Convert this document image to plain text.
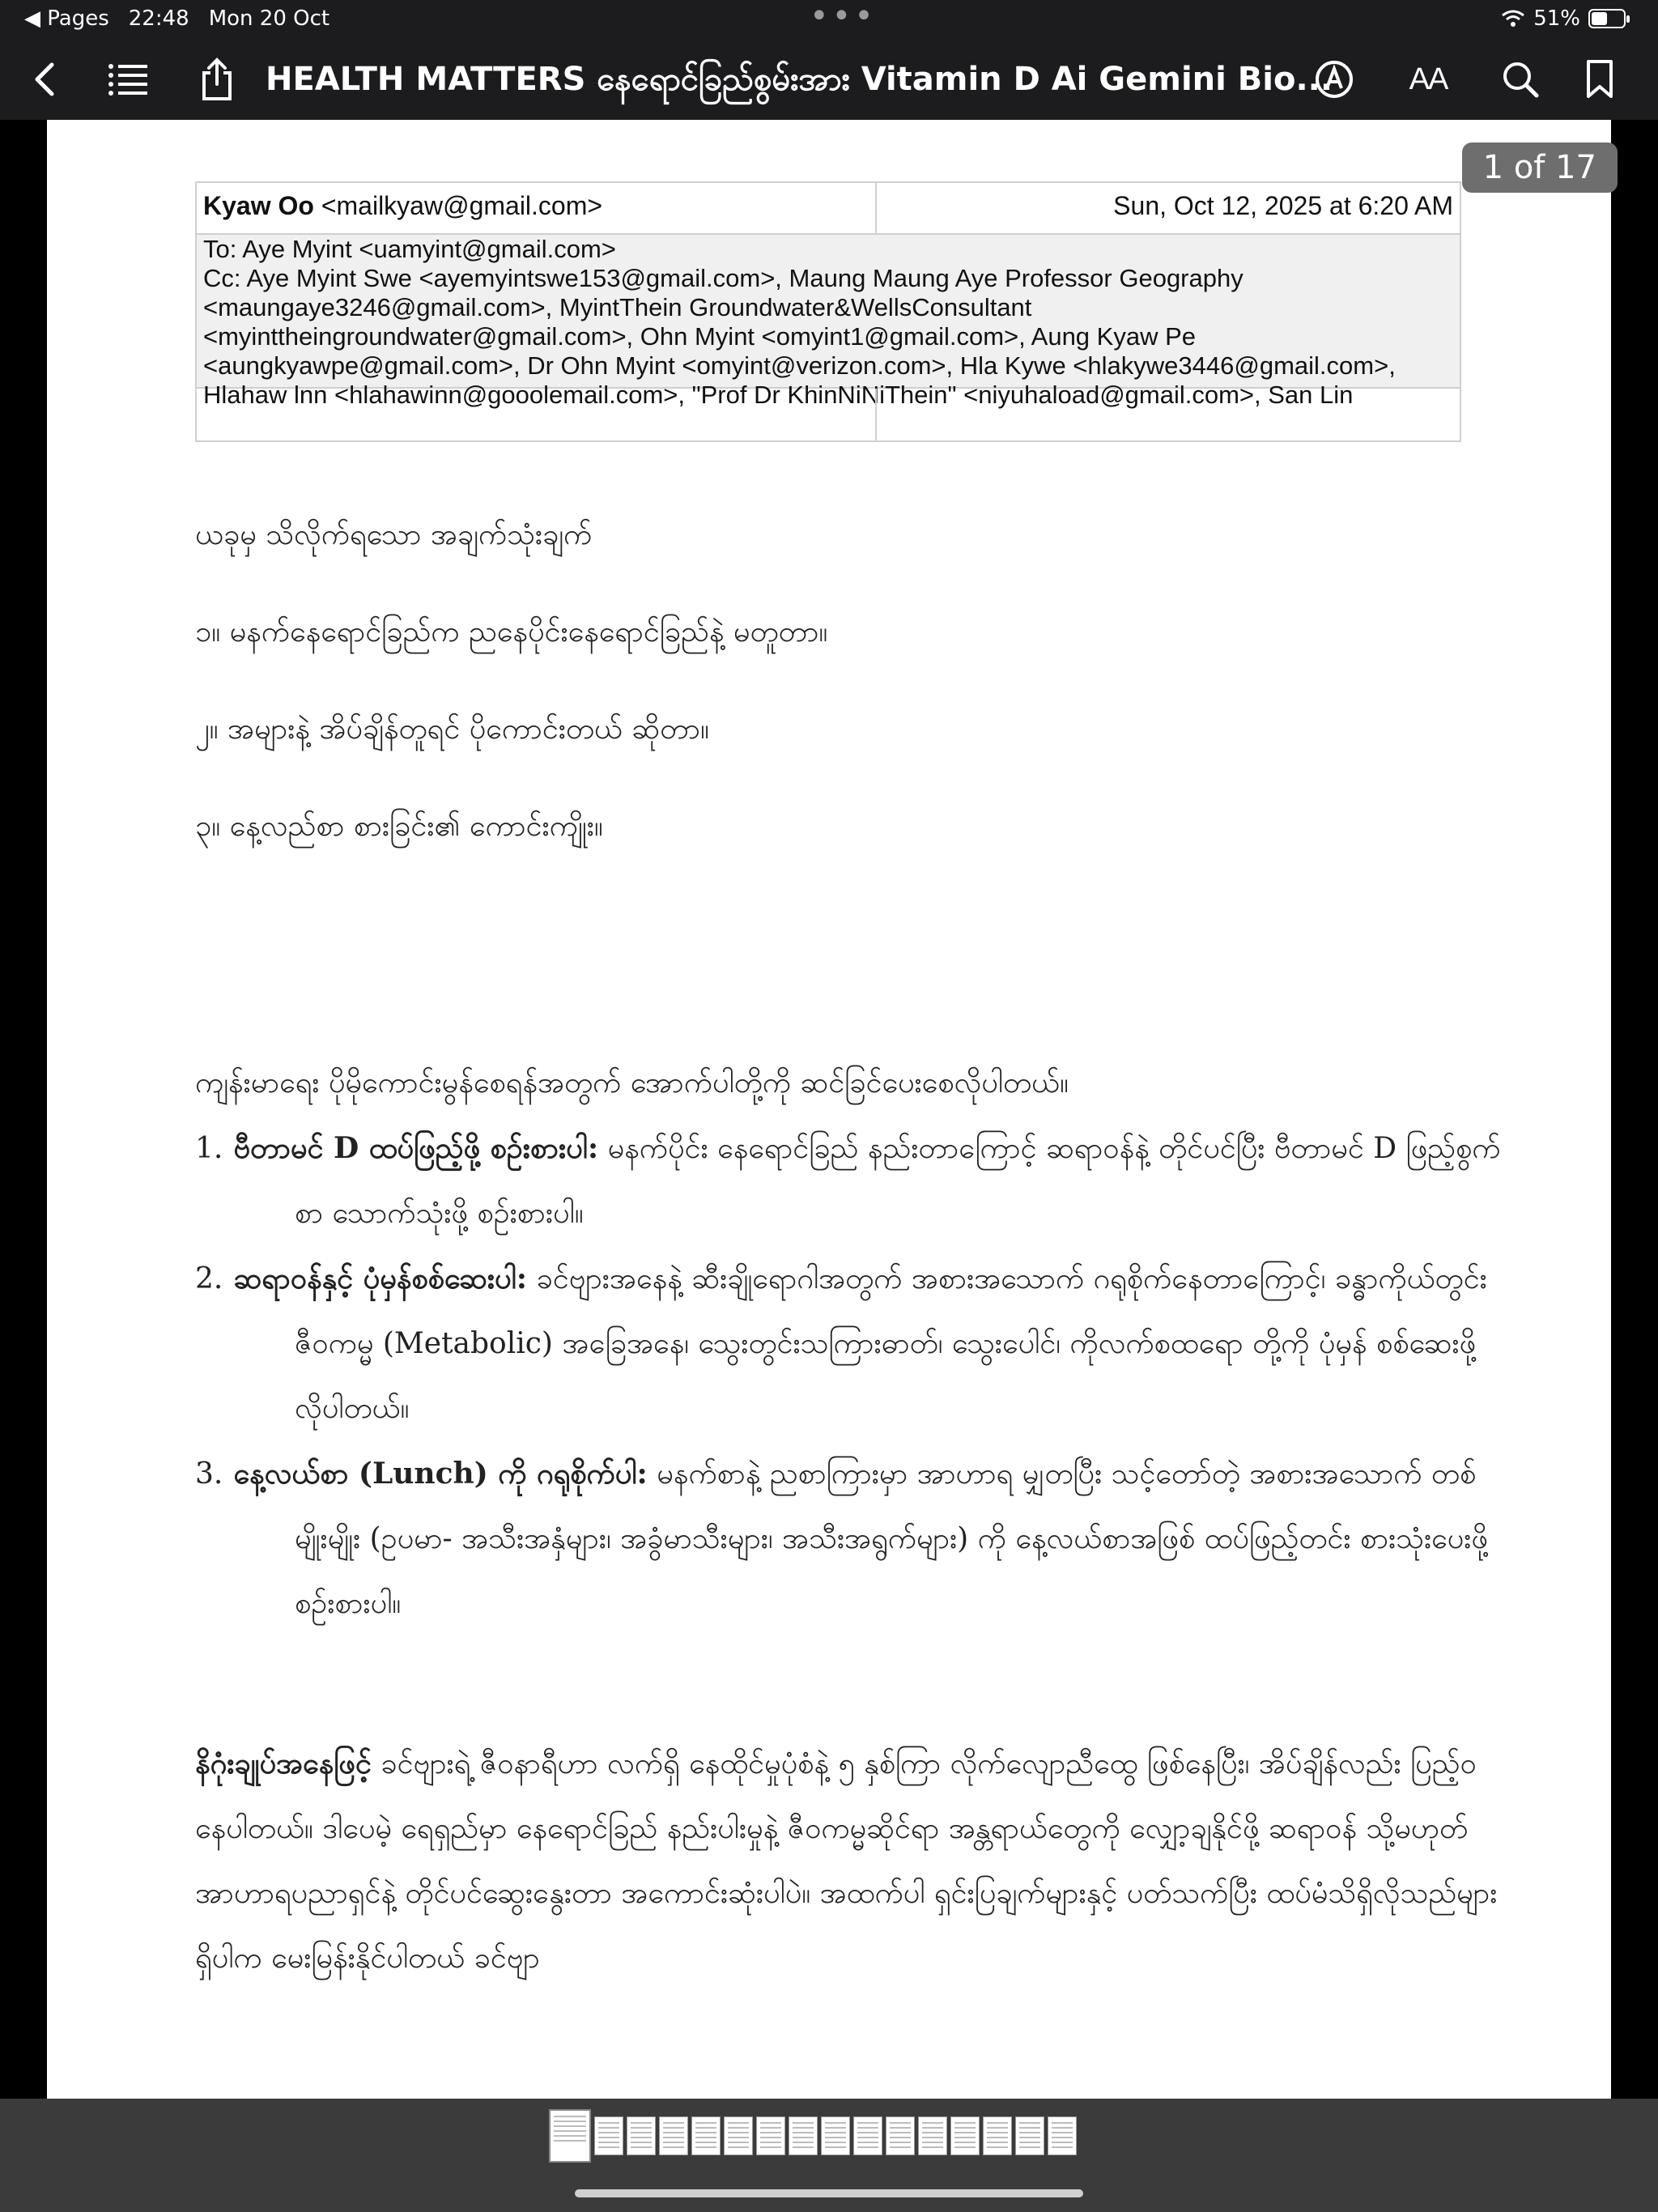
◀ Pages 22:48 Mon 20 Oct	•••	51%
HEALTH MATTERS နေရောင်ခြည်စွမ်းအား Vitamin D Ai Gemini Bio... AA
Kyaw Oo <mailkyaw@gmail.com>	Sun, Oct 12, 2025 at 6:20 AM
To: Aye Myint <uamyint@gmail.com>
Cc: Aye Myint Swe <ayemyintswe153@gmail.com>, Maung Maung Aye Professor Geography
<maungaye3246@gmail.com>, MyintThein Groundwater&WellsConsultant
<myinttheingroundwater@gmail.com>, Ohn Myint <omyint1@gmail.com>, Aung Kyaw Pe
<aungkyawpe@gmail.com>, Dr Ohn Myint <omyint@verizon.com>, Hla Kywe <hlakywe3446@gmail.com>,
Hlahaw lnn <hlahawinn@gooolemail.com>, "Prof Dr KhinNiNiThein" <niyuhaload@gmail.com>, San Lin
ယခုမှ သိလိုက်ရသော အချက်သုံးချက်
၁။ မနက်နေရောင်ခြည်က ညနေပိုင်းနေရောင်ခြည်နဲ့ မတူတာ။
၂။ အများနဲ့ အိပ်ချိန်တူရင် ပိုကောင်းတယ် ဆိုတာ။
၃။ နေ့လည်စာ စားခြင်း၏ ကောင်းကျိုး။
ကျန်းမာရေး ပိုမိုကောင်းမွန်စေရန်အတွက် အောက်ပါတို့ကို ဆင်ခြင်ပေးစေလိုပါတယ်။
1. ဗီတာမင် D ထပ်ဖြည့်ဖို့ စဉ်းစားပါ: မနက်ပိုင်း နေရောင်ခြည် နည်းတာကြောင့် ဆရာဝန်နဲ့ တိုင်ပင်ပြီး ဗီတာမင် D ဖြည့်စွက်စာ သောက်သုံးဖို့ စဉ်းစားပါ။
2. ဆရာဝန်နှင့် ပုံမှန်စစ်ဆေးပါ: ခင်ဗျားအနေနဲ့ ဆီးချိုရောဂါအတွက် အစားအသောက် ဂရုစိုက်နေတာကြောင့်၊ ခန္ဓာကိုယ်တွင်း ဇီဝကမ္မ (Metabolic) အခြေအနေ၊ သွေးတွင်းသကြားဓာတ်၊ သွေးပေါင်၊ ကိုလက်စထရော တို့ကို ပုံမှန် စစ်ဆေးဖို့ လိုပါတယ်။
3. နေ့လယ်စာ (Lunch) ကို ဂရုစိုက်ပါ: မနက်စာနဲ့ ညစာကြားမှာ အာဟာရ မျှတပြီး သင့်တော်တဲ့ အစားအသောက် တစ်မျိုးမျိုး (ဥပမာ- အသီးအနှံများ၊ အခွံမာသီးများ၊ အသီးအရွက်များ) ကို နေ့လယ်စာအဖြစ် ထပ်ဖြည့်တင်း စားသုံးပေးဖို့စဉ်းစားပါ။
နိဂုံးချုပ်အနေဖြင့် ခင်ဗျားရဲ့ ဇီဝနာရီဟာ လက်ရှိ နေထိုင်မှုပုံစံနဲ့ ၅ နှစ်ကြာ လိုက်လျောညီထွေ ဖြစ်နေပြီး၊ အိပ်ချိန်လည်း ပြည့်ဝနေပါတယ်။ ဒါပေမဲ့ ရေရှည်မှာ နေရောင်ခြည် နည်းပါးမှုနဲ့ ဇီဝကမ္မဆိုင်ရာ အန္တရာယ်တွေကို လျှော့ချနိုင်ဖို့ ဆရာဝန် သို့မဟုတ်အာဟာရပညာရှင်နဲ့ တိုင်ပင်ဆွေးနွေးတာ အကောင်းဆုံးပါပဲ။ အထက်ပါ ရှင်းပြချက်များနှင့် ပတ်သက်ပြီး ထပ်မံသိရှိလိုသည်များရှိပါက မေးမြန်းနိုင်ပါတယ် ခင်ဗျာ
1 of 17
